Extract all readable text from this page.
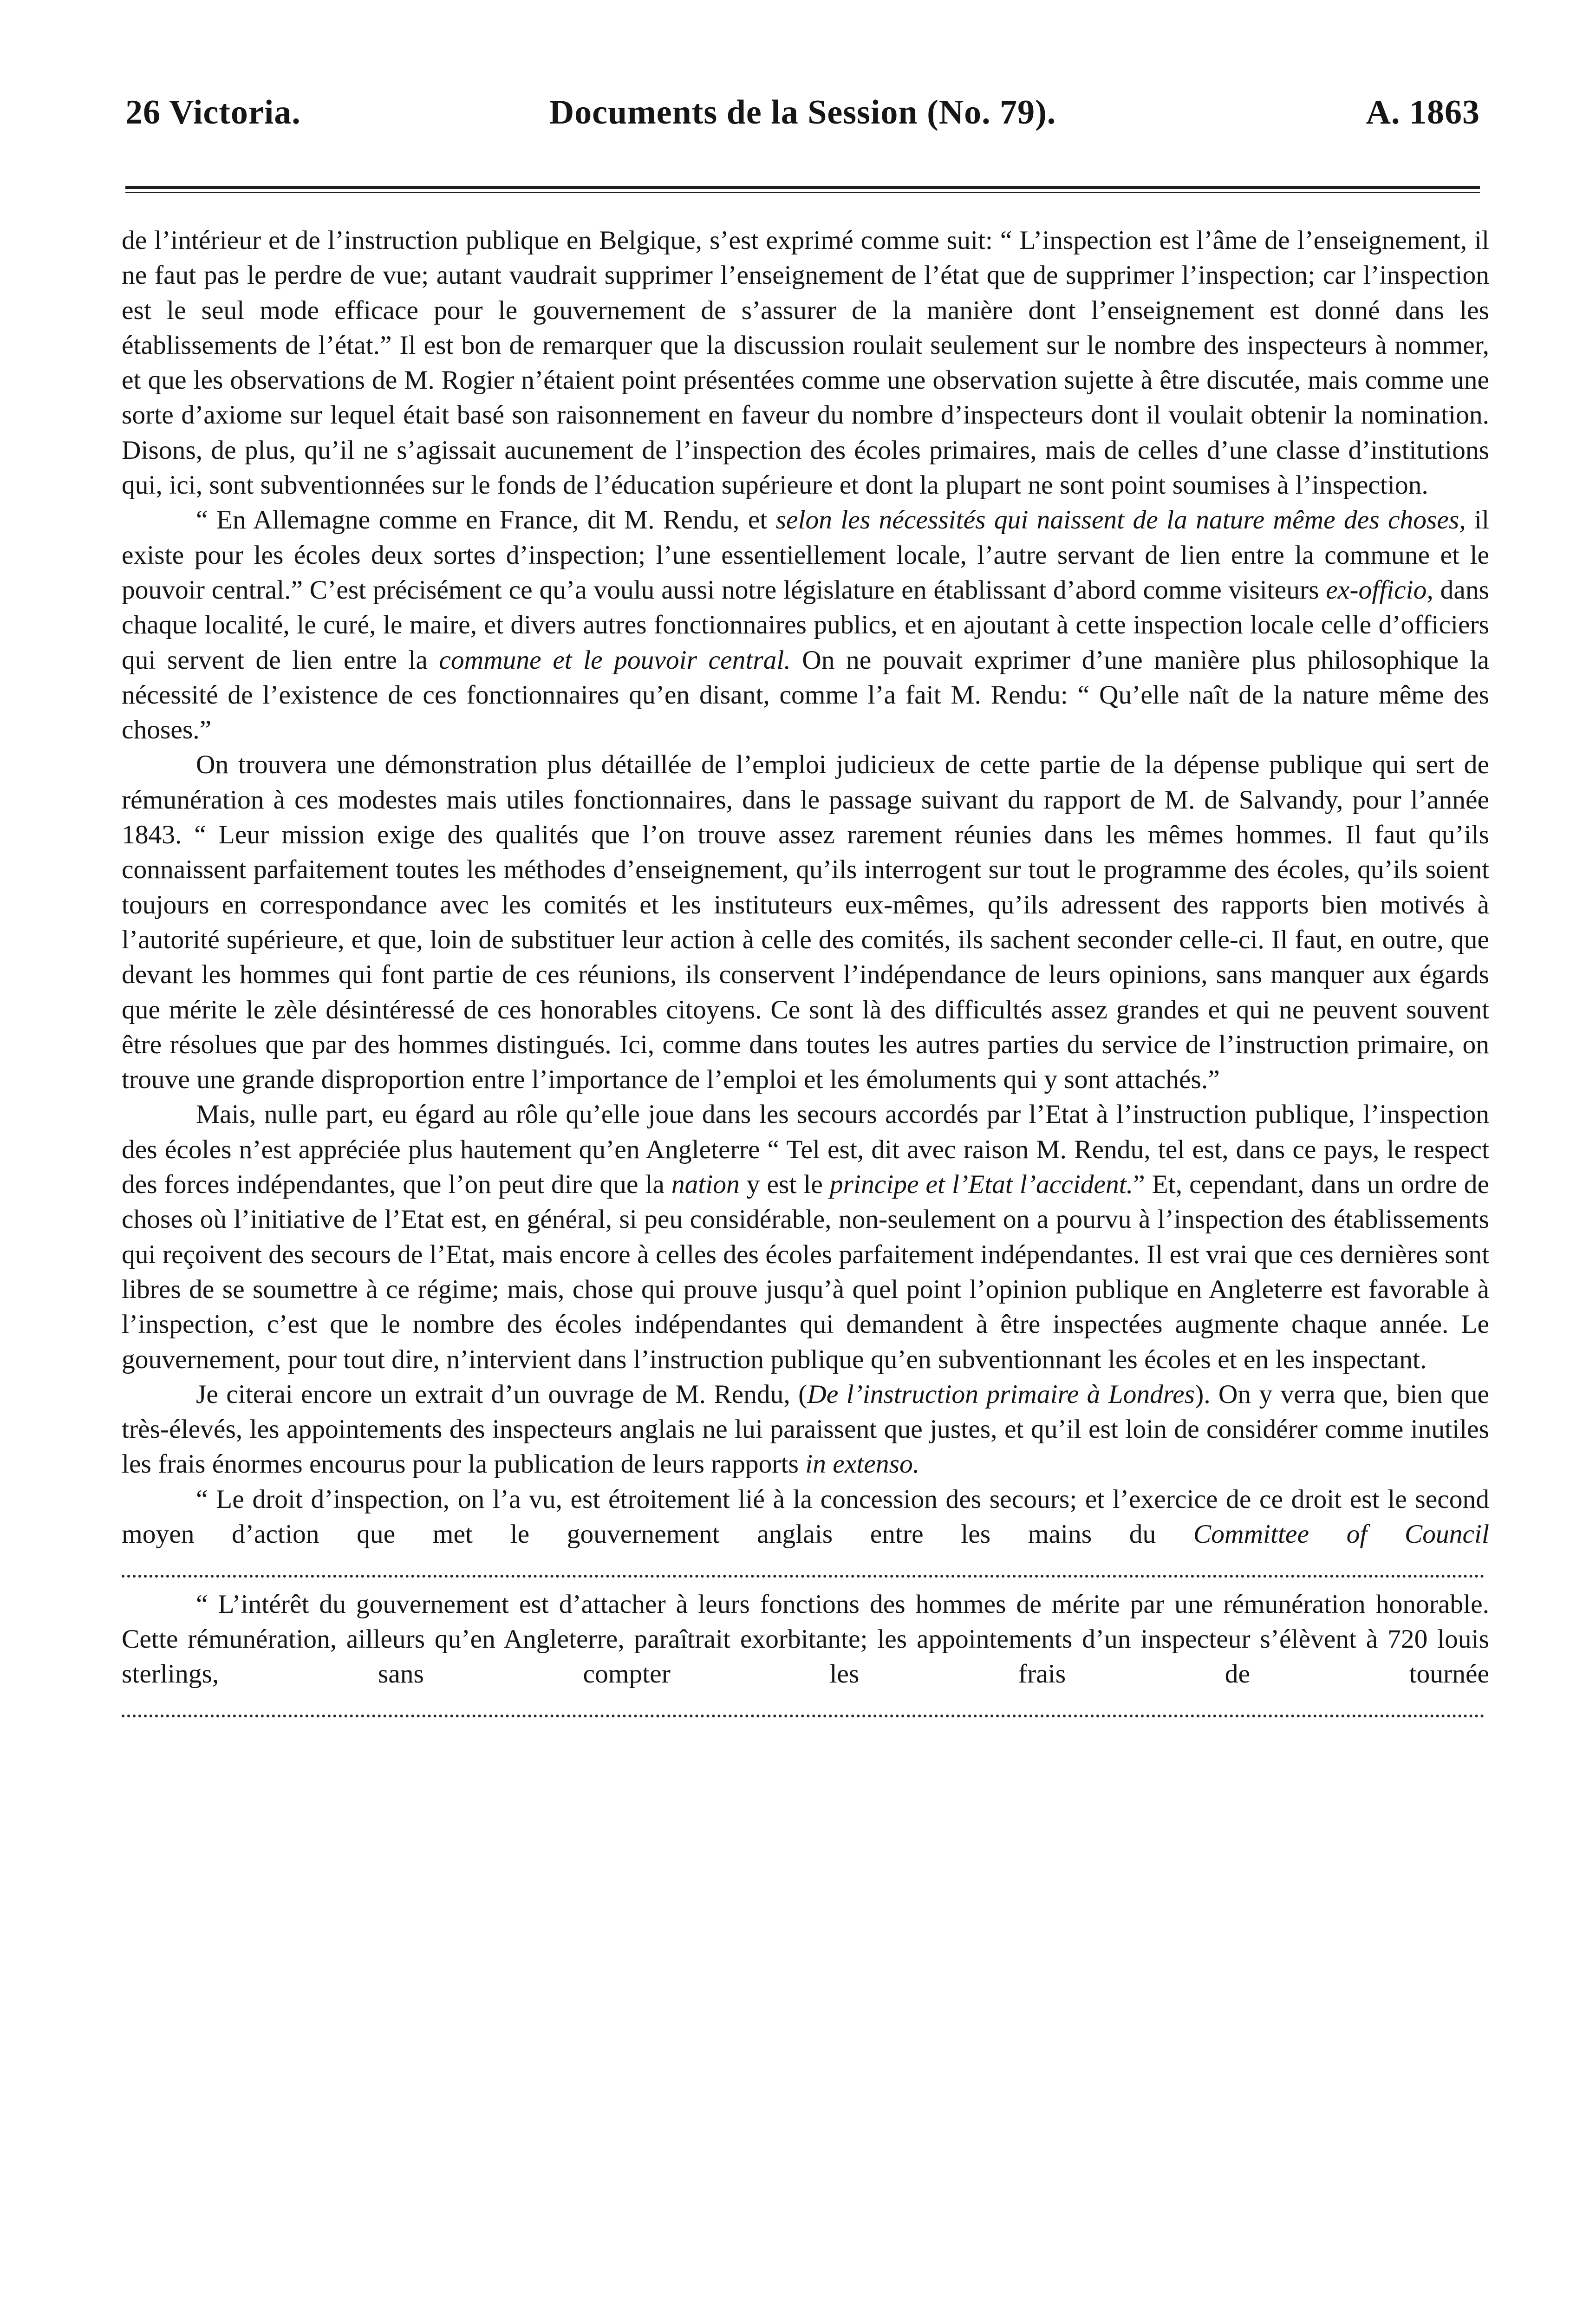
26 Victoria.	Documents de la Session (No. 79).	A. 1863

de l’intérieur et de l’instruction publique en Belgique, s’est exprimé comme suit: “ L’inspection est l’âme de l’enseignement, il ne faut pas le perdre de vue; autant vaudrait supprimer l’enseignement de l’état que de supprimer l’inspection; car l’inspection est le seul mode efficace pour le gouvernement de s’assurer de la manière dont l’enseignement est donné dans les établissements de l’état.” Il est bon de remarquer que la discussion roulait seulement sur le nombre des inspecteurs à nommer, et que les observations de M. Rogier n’étaient point présentées comme une observation sujette à être discutée, mais comme une sorte d’axiome sur lequel était basé son raisonnement en faveur du nombre d’inspecteurs dont il voulait obtenir la nomination. Disons, de plus, qu’il ne s’agissait aucunement de l’inspection des écoles primaires, mais de celles d’une classe d’institutions qui, ici, sont subventionnées sur le fonds de l’éducation supérieure et dont la plupart ne sont point soumises à l’inspection.

“ En Allemagne comme en France, dit M. Rendu, et selon les nécessités qui naissent de la nature même des choses, il existe pour les écoles deux sortes d’inspection; l’une essentiellement locale, l’autre servant de lien entre la commune et le pouvoir central.” C’est précisément ce qu’a voulu aussi notre législature en établissant d’abord comme visiteurs ex-officio, dans chaque localité, le curé, le maire, et divers autres fonctionnaires publics, et en ajoutant à cette inspection locale celle d’officiers qui servent de lien entre la commune et le pouvoir central. On ne pouvait exprimer d’une manière plus philosophique la nécessité de l’existence de ces fonctionnaires qu’en disant, comme l’a fait M. Rendu: “ Qu’elle naît de la nature même des choses.”

On trouvera une démonstration plus détaillée de l’emploi judicieux de cette partie de la dépense publique qui sert de rémunération à ces modestes mais utiles fonctionnaires, dans le passage suivant du rapport de M. de Salvandy, pour l’année 1843. “ Leur mission exige des qualités que l’on trouve assez rarement réunies dans les mêmes hommes. Il faut qu’ils connaissent parfaitement toutes les méthodes d’enseignement, qu’ils interrogent sur tout le programme des écoles, qu’ils soient toujours en correspondance avec les comités et les instituteurs eux-mêmes, qu’ils adressent des rapports bien motivés à l’autorité supérieure, et que, loin de substituer leur action à celle des comités, ils sachent seconder celle-ci. Il faut, en outre, que devant les hommes qui font partie de ces réunions, ils conservent l’indépendance de leurs opinions, sans manquer aux égards que mérite le zèle désintéressé de ces honorables citoyens. Ce sont là des difficultés assez grandes et qui ne peuvent souvent être résolues que par des hommes distingués. Ici, comme dans toutes les autres parties du service de l’instruction primaire, on trouve une grande disproportion entre l’importance de l’emploi et les émoluments qui y sont attachés.”

Mais, nulle part, eu égard au rôle qu’elle joue dans les secours accordés par l’Etat à l’instruction publique, l’inspection des écoles n’est appréciée plus hautement qu’en Angleterre “ Tel est, dit avec raison M. Rendu, tel est, dans ce pays, le respect des forces indépendantes, que l’on peut dire que la nation y est le principe et l’Etat l’accident.” Et, cependant, dans un ordre de choses où l’initiative de l’Etat est, en général, si peu considérable, non-seulement on a pourvu à l’inspection des établissements qui reçoivent des secours de l’Etat, mais encore à celles des écoles parfaitement indépendantes. Il est vrai que ces dernières sont libres de se soumettre à ce régime; mais, chose qui prouve jusqu’à quel point l’opinion publique en Angleterre est favorable à l’inspection, c’est que le nombre des écoles indépendantes qui demandent à être inspectées augmente chaque année. Le gouvernement, pour tout dire, n’intervient dans l’instruction publique qu’en subventionnant les écoles et en les inspectant.

Je citerai encore un extrait d’un ouvrage de M. Rendu, (De l’instruction primaire à Londres). On y verra que, bien que très-élevés, les appointements des inspecteurs anglais ne lui paraissent que justes, et qu’il est loin de considérer comme inutiles les frais énormes encourus pour la publication de leurs rapports in extenso.

“ Le droit d’inspection, on l’a vu, est étroitement lié à la concession des secours; et l’exercice de ce droit est le second moyen d’action que met le gouvernement anglais entre les mains du Committee of Council

“ L’intérêt du gouvernement est d’attacher à leurs fonctions des hommes de mérite par une rémunération honorable. Cette rémunération, ailleurs qu’en Angleterre, paraîtrait exorbitante; les appointements d’un inspecteur s’élèvent à 720 louis sterlings, sans compter les frais de tournée
